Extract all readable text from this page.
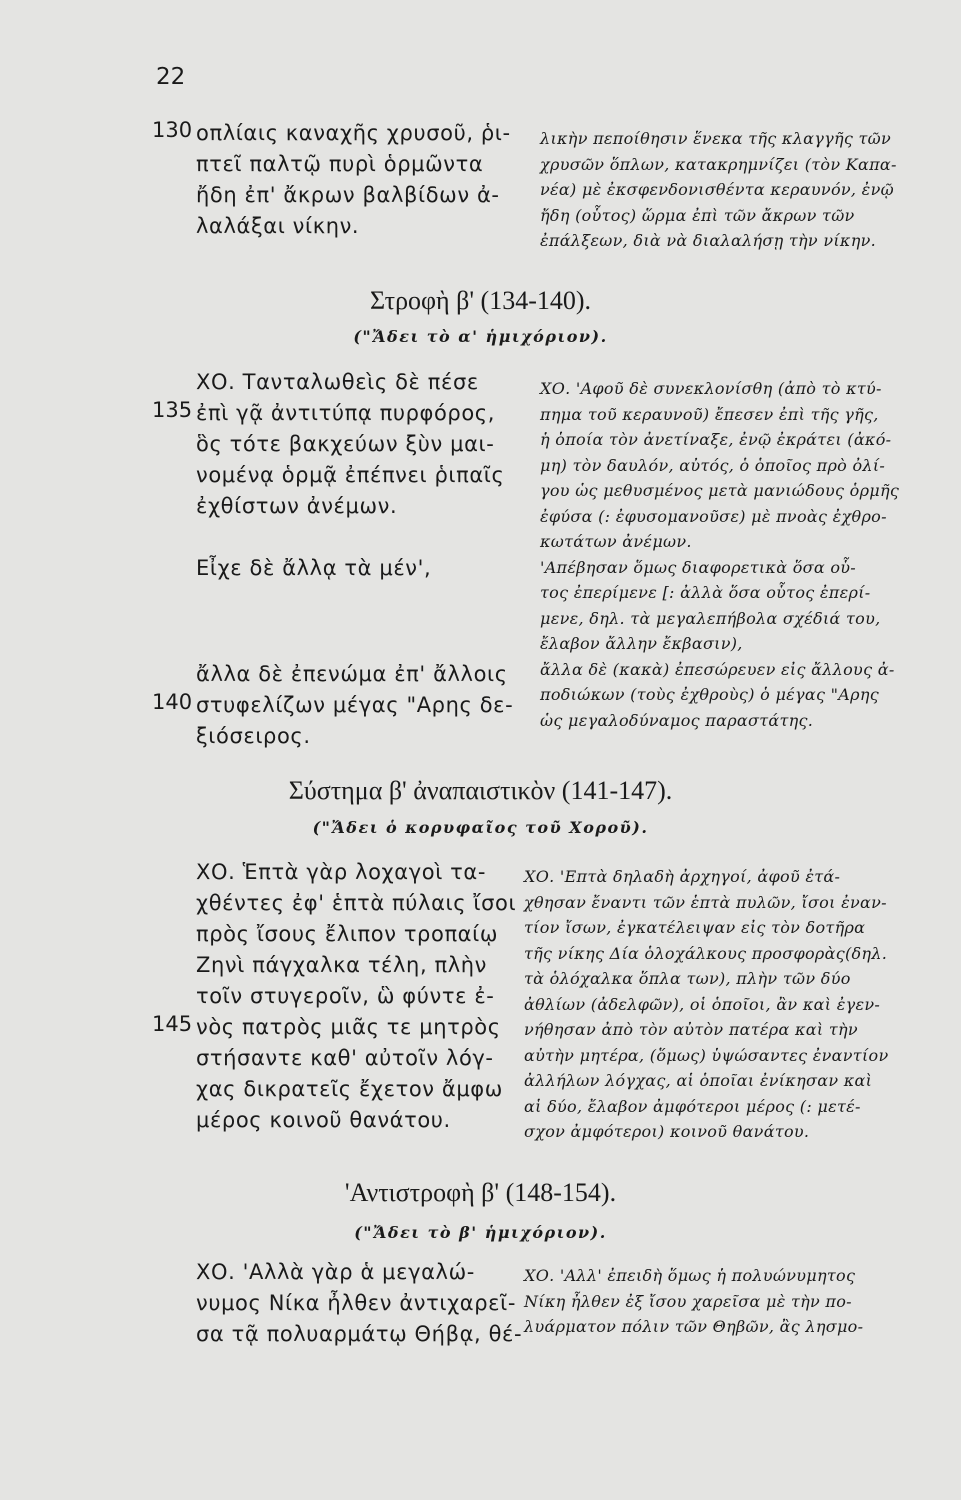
22
130 οπλίαις καναχῆς χρυσοῦ, ῥι-
πτεῖ παλτῷ πυρὶ ὁρμῶντα
ἤδη ἐπ' ἄκρων βαλβίδων ἀ-
λαλάξαι νίκην.
λικὴν πεποίθησιν ἕνεκα τῆς κλαγγῆς τῶν
χρυσῶν ὅπλων, κατακρημνίζει (τὸν Καπα-
νέα) μὲ ἐκσφενδονισθέντα κεραυνόν, ἐνῷ
ἤδη (οὗτος) ὥρμα ἐπὶ τῶν ἄκρων τῶν
ἐπάλξεων, διὰ νὰ διαλαλήσῃ τὴν νίκην.
Στροφὴ β' (134-140).
("Ἄδει τὸ α' ἡμιχόριον).
135
ΧΟ. Τανταλωθεὶς δὲ πέσε
ἐπὶ γᾷ ἀντιτύπᾳ πυρφόρος,
ὃς τότε βακχεύων ξὺν μαι-
νομένᾳ ὁρμᾷ ἐπέπνει ῥιπαῖς
ἐχθίστων ἀνέμων.
Εἶχε δὲ ἄλλᾳ τὰ μέν',
140
ἄλλα δὲ ἐπενώμα ἐπ' ἄλλοις
στυφελίζων μέγας "Αρης δε-
ξιόσειρος.
ΧΟ. 'Αφοῦ δὲ συνεκλονίσθη (ἀπὸ τὸ κτύ-
πημα τοῦ κεραυνοῦ) ἔπεσεν ἐπὶ τῆς γῆς,
ἡ ὁποία τὸν ἀνετίναξε, ἐνῷ ἐκράτει (ἀκό-
μη) τὸν δαυλόν, αὐτός, ὁ ὁποῖος πρὸ ὀλί-
γου ὡς μεθυσμένος μετὰ μανιώδους ὁρμῆς
ἐφύσα (: ἐφυσομανοῦσε) μὲ πνοὰς ἐχθρο-
κωτάτων ἀνέμων.
'Απέβησαν ὅμως διαφορετικὰ ὅσα οὗ-
τος ἐπερίμενε [: ἀλλὰ ὅσα οὗτος ἐπερί-
μενε, δηλ. τὰ μεγαλεπήβολα σχέδιά του,
ἔλαβον ἄλλην ἔκβασιν),
ἄλλα δὲ (κακὰ) ἐπεσώρευεν εἰς ἄλλους ἀ-
ποδιώκων (τοὺς ἐχθροὺς) ὁ μέγας "Αρης
ὡς μεγαλοδύναμος παραστάτης.
Σύστημα β' ἀναπαιστικὸν (141-147).
("Ἄδει ὁ κορυφαῖος τοῦ Χοροῦ).
ΧΟ. Ἑπτὰ γὰρ λοχαγοὶ τα-
χθέντες ἐφ' ἑπτὰ πύλαις ἴσοι
πρὸς ἴσους ἔλιπον τροπαίῳ
Ζηνὶ πάγχαλκα τέλη, πλὴν
τοῖν στυγεροῖν, ὣ φύντε ἐ-
νὸς πατρὸς μιᾶς τε μητρὸς
στήσαντε καθ' αὐτοῖν λόγ-
χας δικρατεῖς ἔχετον ἄμφω
μέρος κοινοῦ θανάτου.
145
ΧΟ. 'Επτὰ δηλαδὴ ἀρχηγοί, ἀφοῦ ἐτά-
χθησαν ἔναντι τῶν ἑπτὰ πυλῶν, ἴσοι ἐναν-
τίον ἴσων, ἐγκατέλειψαν εἰς τὸν δοτῆρα
τῆς νίκης Δία ὁλοχάλκους προσφορὰς(δηλ.
τὰ ὁλόχαλκα ὅπλα των), πλὴν τῶν δύο
ἀθλίων (ἀδελφῶν), οἱ ὁποῖοι, ἂν καὶ ἐγεν-
νήθησαν ἀπὸ τὸν αὐτὸν πατέρα καὶ τὴν
αὐτὴν μητέρα, (ὅμως) ὑψώσαντες ἐναντίον
ἀλλήλων λόγχας, αἱ ὁποῖαι ἐνίκησαν καὶ
αἱ δύο, ἔλαβον ἀμφότεροι μέρος (: μετέ-
σχον ἀμφότεροι) κοινοῦ θανάτου.
'Αντιστροφὴ β' (148-154).
("Ἄδει τὸ β' ἡμιχόριον).
ΧΟ. 'Αλλὰ γὰρ ἁ μεγαλώ-
νυμος Νίκα ἦλθεν ἀντιχαρεῖ-
σα τᾷ πολυαρμάτῳ Θήβᾳ, θέ-
ΧΟ. 'Αλλ' ἐπειδὴ ὅμως ἡ πολυώνυμητος
Νίκη ἦλθεν ἐξ ἴσου χαρεῖσα μὲ τὴν πο-
λυάρματον πόλιν τῶν Θηβῶν, ἂς λησμο-
